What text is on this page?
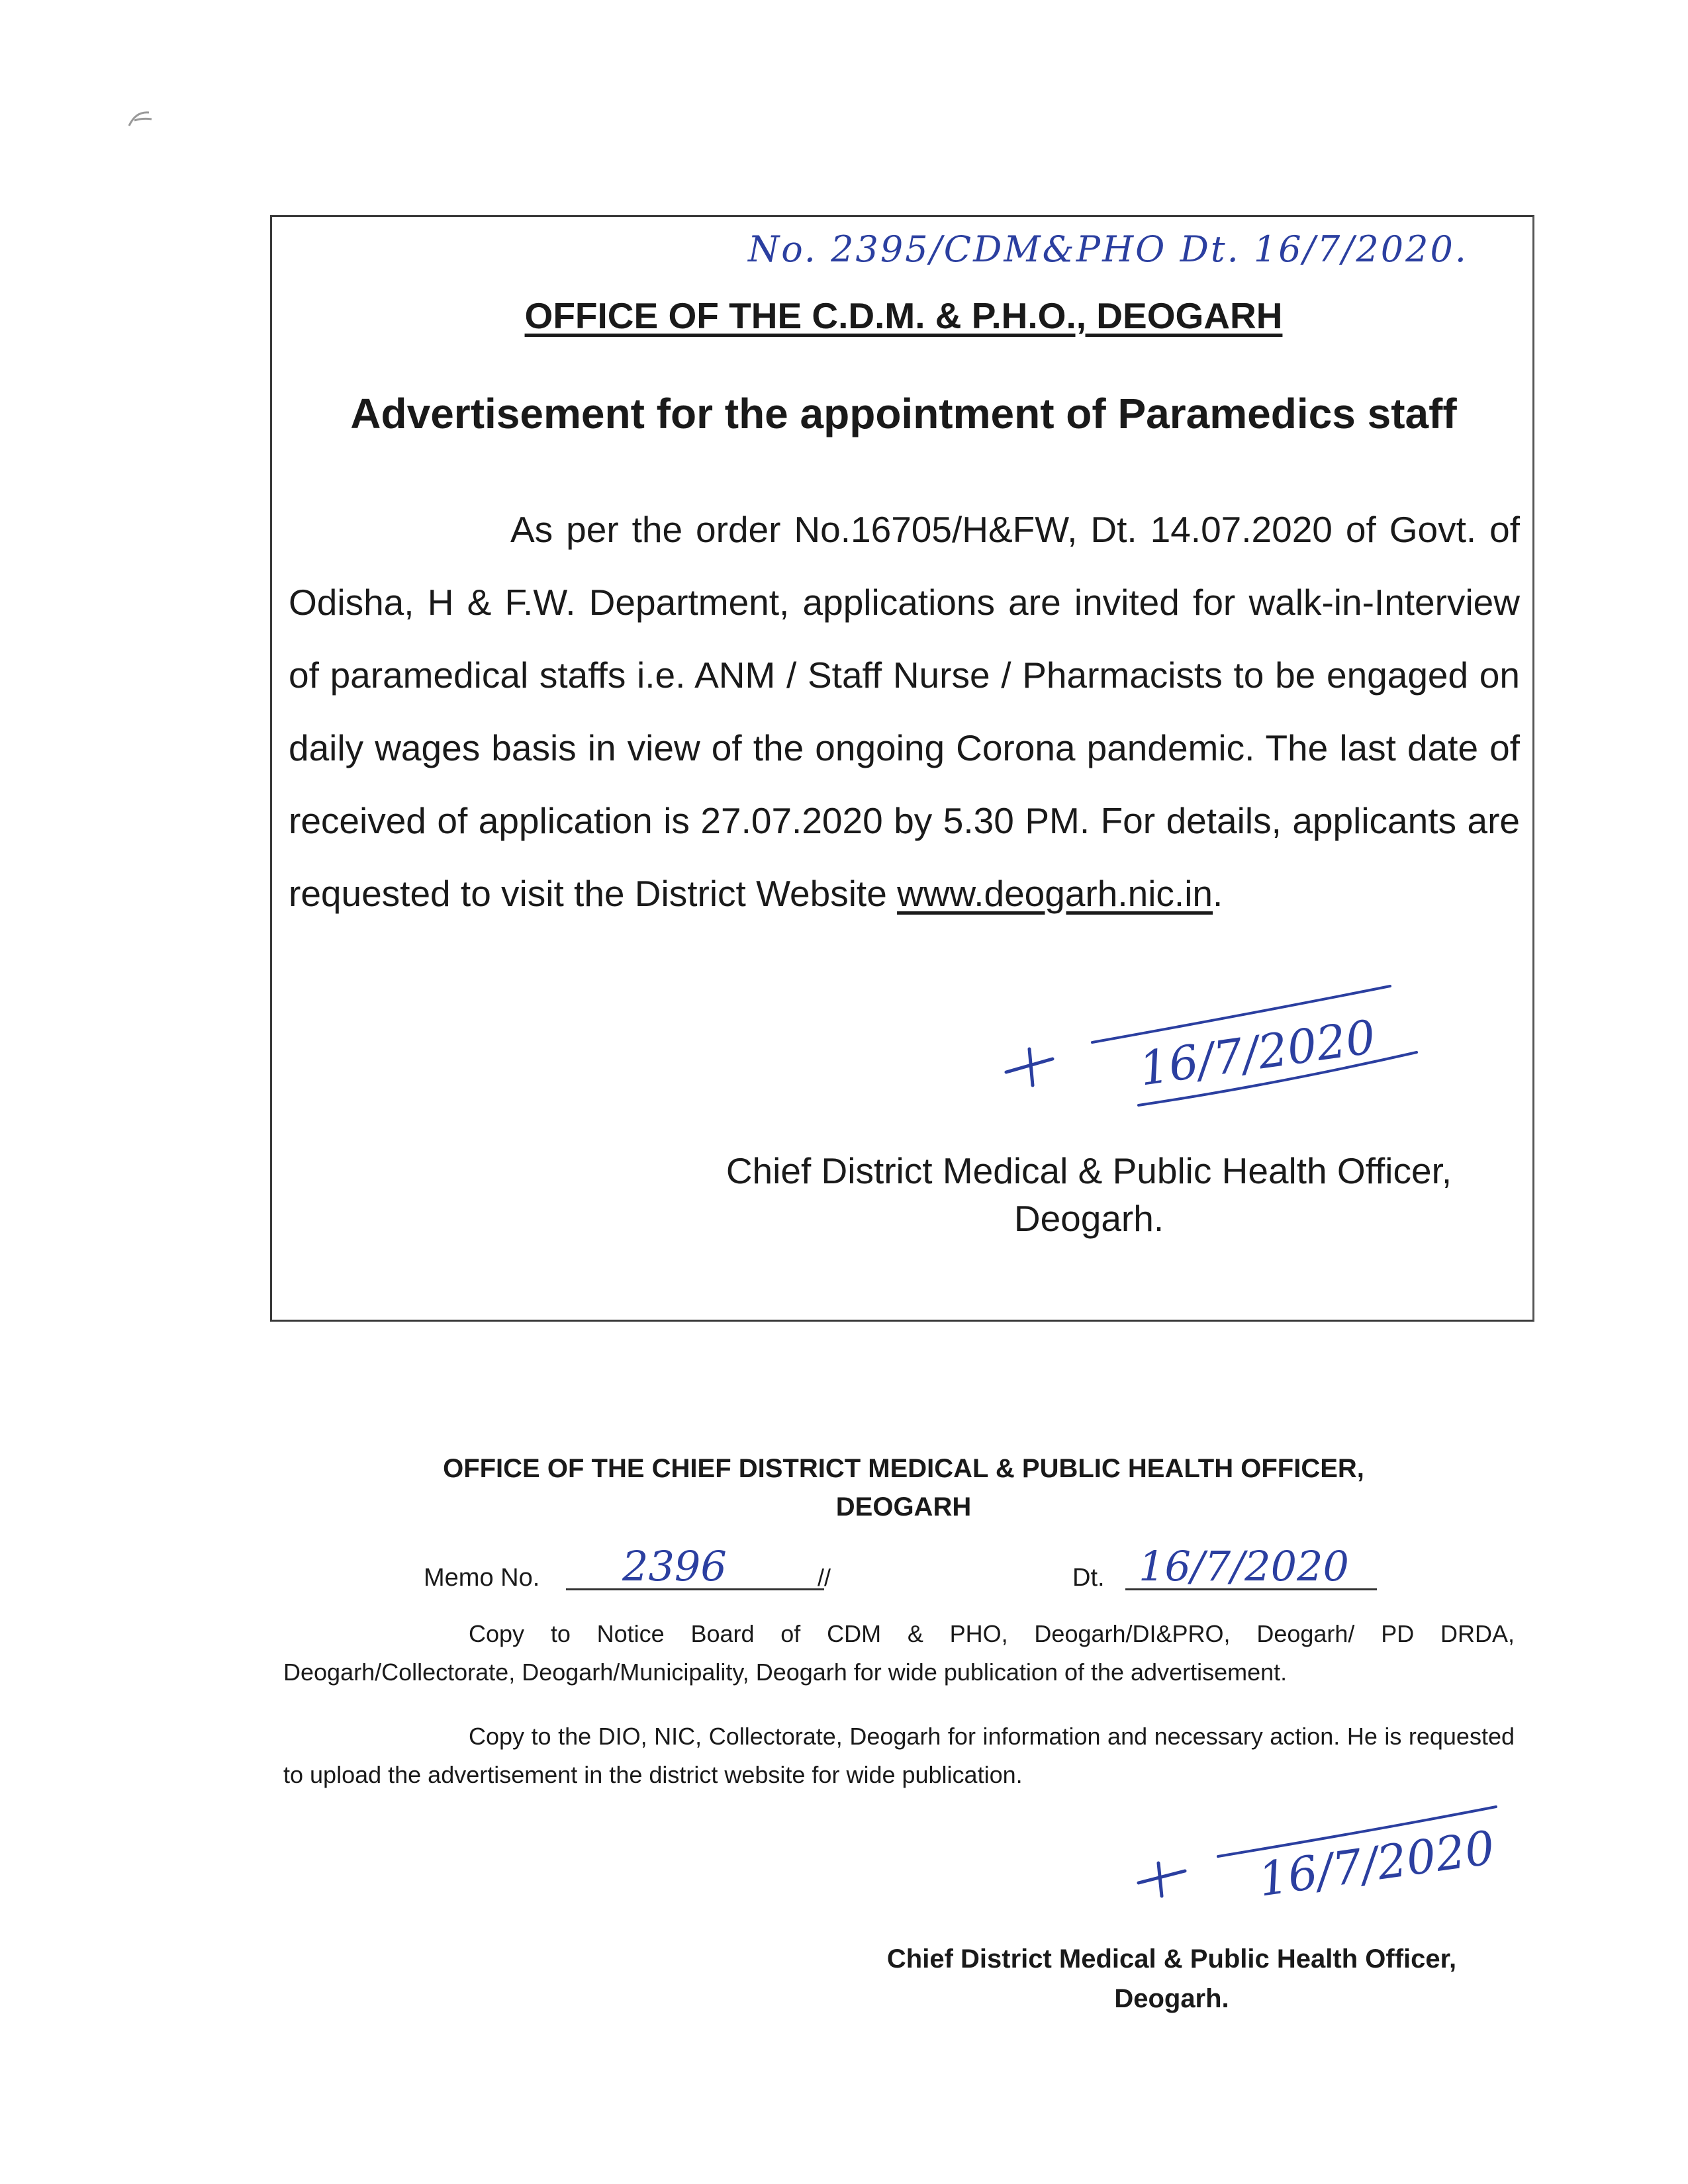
No. 2395/CDM&PHO Dt. 16/7/2020.
OFFICE OF THE C.D.M. & P.H.O., DEOGARH
Advertisement for the appointment of Paramedics staff
As per the order No.16705/H&FW, Dt. 14.07.2020 of Govt. of Odisha, H & F.W. Department, applications are invited for walk-in-Interview of paramedical staffs i.e. ANM / Staff Nurse / Pharmacists to be engaged on daily wages basis in view of the ongoing Corona pandemic. The last date of received of application is 27.07.2020 by 5.30 PM. For details, applicants are requested to visit the District Website www.deogarh.nic.in.
16/7/2020
Chief District Medical & Public Health Officer,
Deogarh.
OFFICE OF THE CHIEF DISTRICT MEDICAL & PUBLIC HEALTH OFFICER,
DEOGARH
Memo No. 2396	//	Dt. 16/7/2020
Copy to Notice Board of CDM & PHO, Deogarh/DI&PRO, Deogarh/ PD DRDA, Deogarh/Collectorate, Deogarh/Municipality, Deogarh for wide publication of the advertisement.
Copy to the DIO, NIC, Collectorate, Deogarh for information and necessary action. He is requested to upload the advertisement in the district website for wide publication.
16/7/2020
Chief District Medical & Public Health Officer,
Deogarh.
